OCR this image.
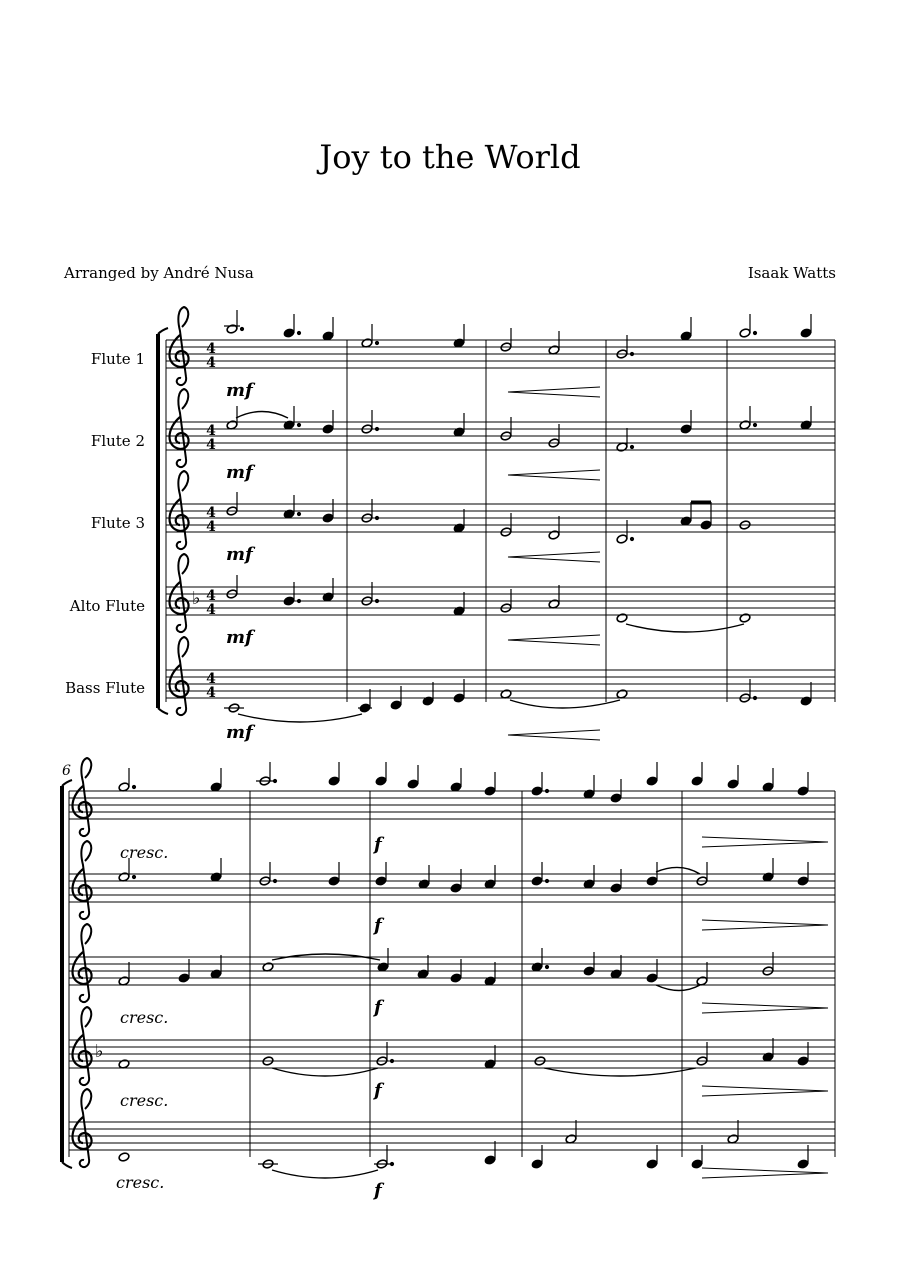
Joy to the World
Arranged by André Nusa	Isaak Watts
Flute 1
Flute 2
Flute 3
Alto Flute
Bass Flute
♭
4
4
4
4
4
4
4
4
4
4
mf
mf
mf
mf
mf
6
♭
cresc.	f
f
cresc.	f
cresc.	f
cresc.	f
